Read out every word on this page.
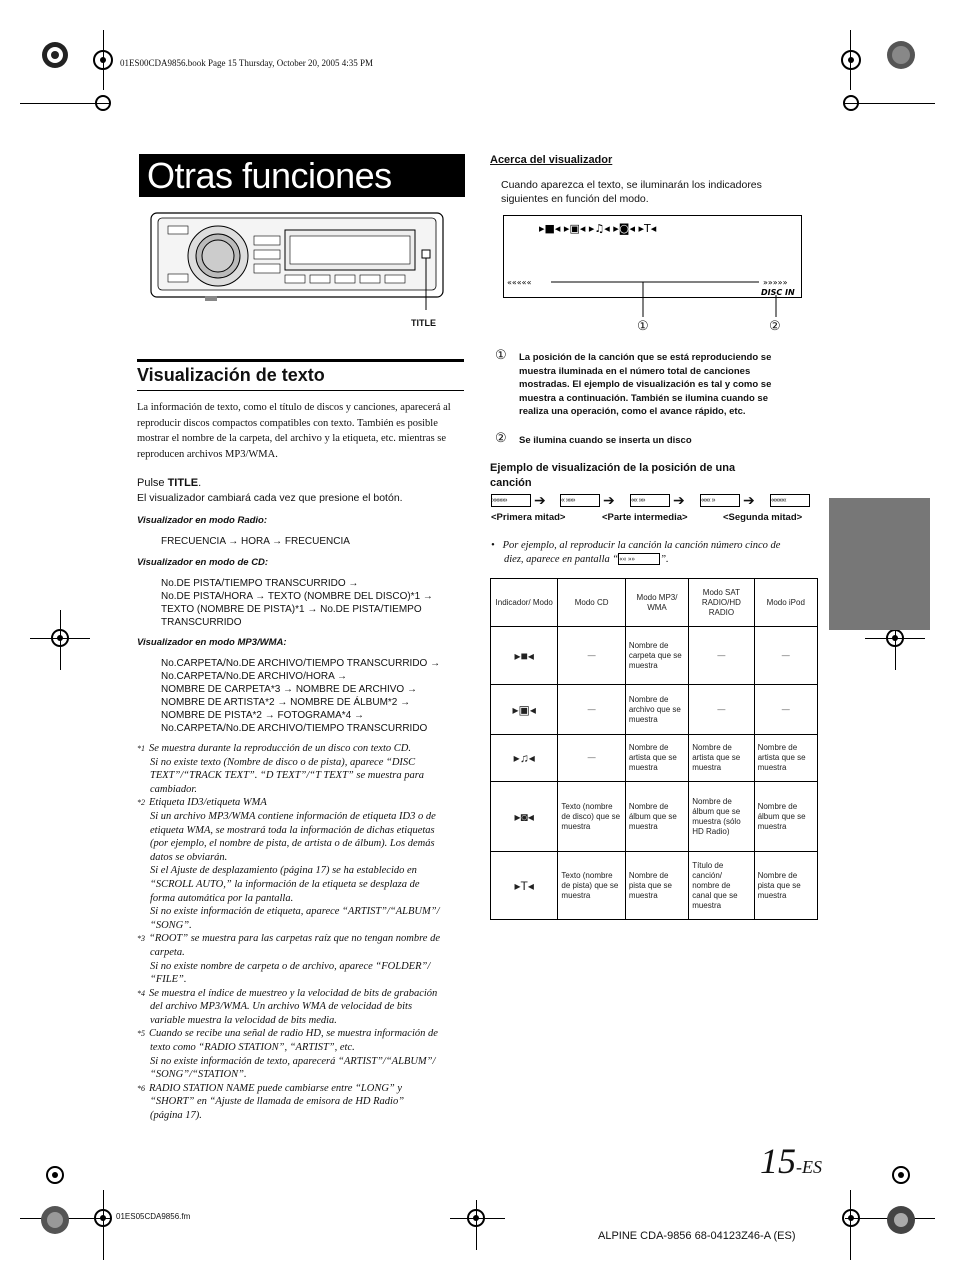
01ES00CDA9856.book Page 15 Thursday, October 20, 2005 4:35 PM
Otras funciones
TITLE
Visualización de texto
La información de texto, como el título de discos y canciones, aparecerá al reproducir discos compactos compatibles con texto. También es posible mostrar el nombre de la carpeta, del archivo y la etiqueta, etc. mientras se reproducen archivos MP3/WMA.
Pulse TITLE.
El visualizador cambiará cada vez que presione el botón.
Visualizador en modo Radio:
FRECUENCIA → HORA → FRECUENCIA
Visualizador en modo de CD:
No.DE PISTA/TIEMPO TRANSCURRIDO →
No.DE PISTA/HORA → TEXTO (NOMBRE DEL DISCO)*1 →
TEXTO (NOMBRE DE PISTA)*1 → No.DE PISTA/TIEMPO
TRANSCURRIDO
Visualizador en modo MP3/WMA:
No.CARPETA/No.DE ARCHIVO/TIEMPO TRANSCURRIDO →
No.CARPETA/No.DE ARCHIVO/HORA →
NOMBRE DE CARPETA*3 → NOMBRE DE ARCHIVO →
NOMBRE DE ARTISTA*2 → NOMBRE DE ÁLBUM*2 →
NOMBRE DE PISTA*2 → FOTOGRAMA*4 →
No.CARPETA/No.DE ARCHIVO/TIEMPO TRANSCURRIDO
*1 Se muestra durante la reproducción de un disco con texto CD.
Si no existe texto (Nombre de disco o de pista), aparece “DISC
TEXT”/“TRACK TEXT”. “D TEXT”/“T TEXT” se muestra para
cambiador.
*2 Etiqueta ID3/etiqueta WMA
Si un archivo MP3/WMA contiene información de etiqueta ID3 o de
etiqueta WMA, se mostrará toda la información de dichas etiquetas
(por ejemplo, el nombre de pista, de artista o de álbum). Los demás
datos se obviarán.
Si el Ajuste de desplazamiento (página 17) se ha establecido en
“SCROLL AUTO,” la información de la etiqueta se desplaza de
forma automática por la pantalla.
Si no existe información de etiqueta, aparece “ARTIST”/“ALBUM”/
“SONG”.
*3 “ROOT” se muestra para las carpetas raíz que no tengan nombre de
carpeta.
Si no existe nombre de carpeta o de archivo, aparece “FOLDER”/
“FILE”.
*4 Se muestra el índice de muestreo y la velocidad de bits de grabación
del archivo MP3/WMA. Un archivo WMA de velocidad de bits
variable muestra la velocidad de bits media.
*5 Cuando se recibe una señal de radio HD, se muestra información de
texto como “RADIO STATION”, “ARTIST”, etc.
Si no existe información de texto, aparecerá “ARTIST”/“ALBUM”/
“SONG”/“STATION”.
*6 RADIO STATION NAME puede cambiarse entre “LONG” y
“SHORT” en “Ajuste de llamada de emisora de HD Radio”
(página 17).
Acerca del visualizador
Cuando aparezca el texto, se iluminarán los indicadores
siguientes en función del modo.
▸■◂ ▸▣◂ ▸♫◂ ▸◙◂ ▸T◂
«««««	»»»»»
DISC IN
①	②
① La posición de la canción que se está reproduciendo se
muestra iluminada en el número total de canciones
mostradas. El ejemplo de visualización es tal y como se
muestra a continuación. También se ilumina cuando se
realiza una operación, como el avance rápido, etc.
② Se ilumina cuando se inserta un disco
Ejemplo de visualización de la posición de una
canción
»»»»»	➔ «  »»»	➔ ««  »»	➔ «««  »	➔ «««««
<Primera mitad>	<Parte intermedia>	<Segunda mitad>
•   Por ejemplo, al reproducir la canción la canción número cinco de
diez, aparece en pantalla “«« »» ”.
Indicador/ Modo	Modo CD	Modo MP3/ WMA	Modo SAT RADIO/HD RADIO	Modo iPod
▸■◂	—	Nombre de carpeta que se muestra	—	—
▸▣◂	—	Nombre de archivo que se muestra	—	—
▸♫◂	—	Nombre de artista que se muestra	Nombre de artista que se muestra	Nombre de artista que se muestra
▸◙◂	Texto (nombre de disco) que se muestra	Nombre de álbum que se muestra	Nombre de álbum que se muestra (sólo HD Radio)	Nombre de álbum que se muestra
▸T◂	Texto (nombre de pista) que se muestra	Nombre de pista que se muestra	Título de canción/ nombre de canal que se muestra	Nombre de pista que se muestra
15-ES
01ES05CDA9856.fm
ALPINE CDA-9856 68-04123Z46-A (ES)
